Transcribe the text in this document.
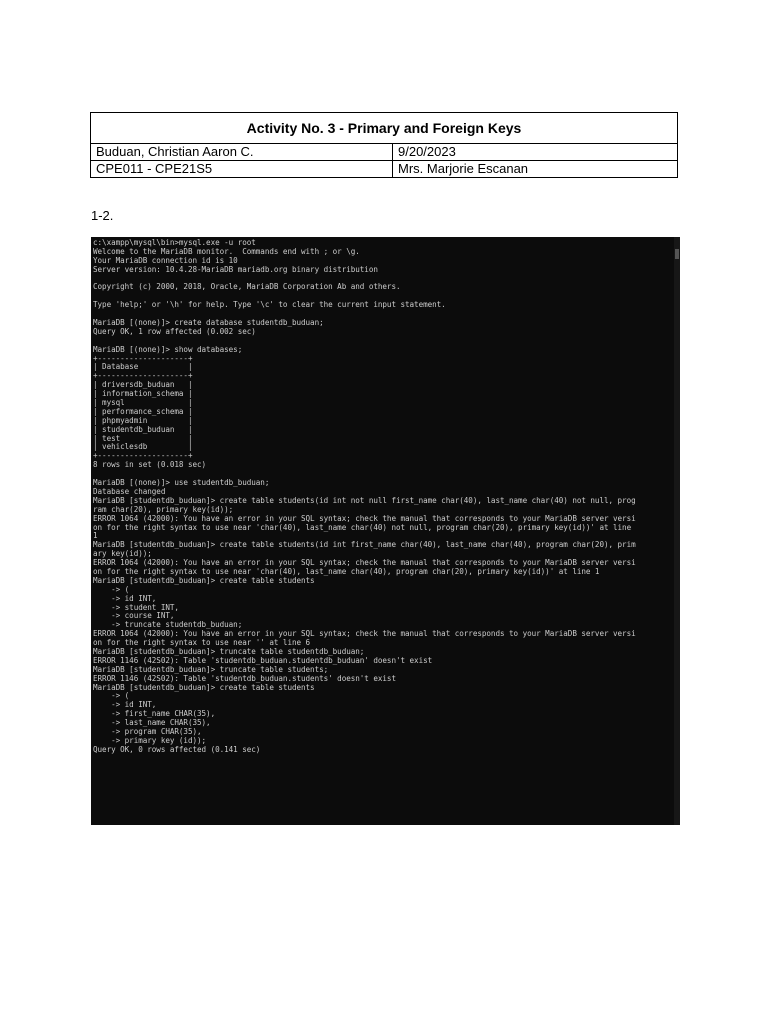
Activity No. 3 - Primary and Foreign Keys	
Buduan, Christian Aaron C.	9/20/2023
CPE011 - CPE21S5	Mrs. Marjorie Escanan
1-2.
c:\xampp\mysql\bin>mysql.exe -u root
Welcome to the MariaDB monitor.  Commands end with ; or \g.
Your MariaDB connection id is 10
Server version: 10.4.28-MariaDB mariadb.org binary distribution

Copyright (c) 2000, 2018, Oracle, MariaDB Corporation Ab and others.

Type 'help;' or '\h' for help. Type '\c' to clear the current input statement.

MariaDB [(none)]> create database studentdb_buduan;
Query OK, 1 row affected (0.002 sec)

MariaDB [(none)]> show databases;
+--------------------+
| Database           |
+--------------------+
| driversdb_buduan   |
| information_schema |
| mysql              |
| performance_schema |
| phpmyadmin         |
| studentdb_buduan   |
| test               |
| vehiclesdb         |
+--------------------+
8 rows in set (0.018 sec)

MariaDB [(none)]> use studentdb_buduan;
Database changed
MariaDB [studentdb_buduan]> create table students(id int not null first_name char(40), last_name char(40) not null, prog
ram char(20), primary key(id));
ERROR 1064 (42000): You have an error in your SQL syntax; check the manual that corresponds to your MariaDB server versi
on for the right syntax to use near 'char(40), last_name char(40) not null, program char(20), primary key(id))' at line
1
MariaDB [studentdb_buduan]> create table students(id int first_name char(40), last_name char(40), program char(20), prim
ary key(id));
ERROR 1064 (42000): You have an error in your SQL syntax; check the manual that corresponds to your MariaDB server versi
on for the right syntax to use near 'char(40), last_name char(40), program char(20), primary key(id))' at line 1
MariaDB [studentdb_buduan]> create table students
-> (
-> id INT,
-> student INT,
-> course INT,
-> truncate studentdb_buduan;
ERROR 1064 (42000): You have an error in your SQL syntax; check the manual that corresponds to your MariaDB server versi
on for the right syntax to use near '' at line 6
MariaDB [studentdb_buduan]> truncate table studentdb_buduan;
ERROR 1146 (42S02): Table 'studentdb_buduan.studentdb_buduan' doesn't exist
MariaDB [studentdb_buduan]> truncate table students;
ERROR 1146 (42S02): Table 'studentdb_buduan.students' doesn't exist
MariaDB [studentdb_buduan]> create table students
-> (
-> id INT,
-> first_name CHAR(35),
-> last_name CHAR(35),
-> program CHAR(35),
-> primary key (id));
Query OK, 0 rows affected (0.141 sec)
